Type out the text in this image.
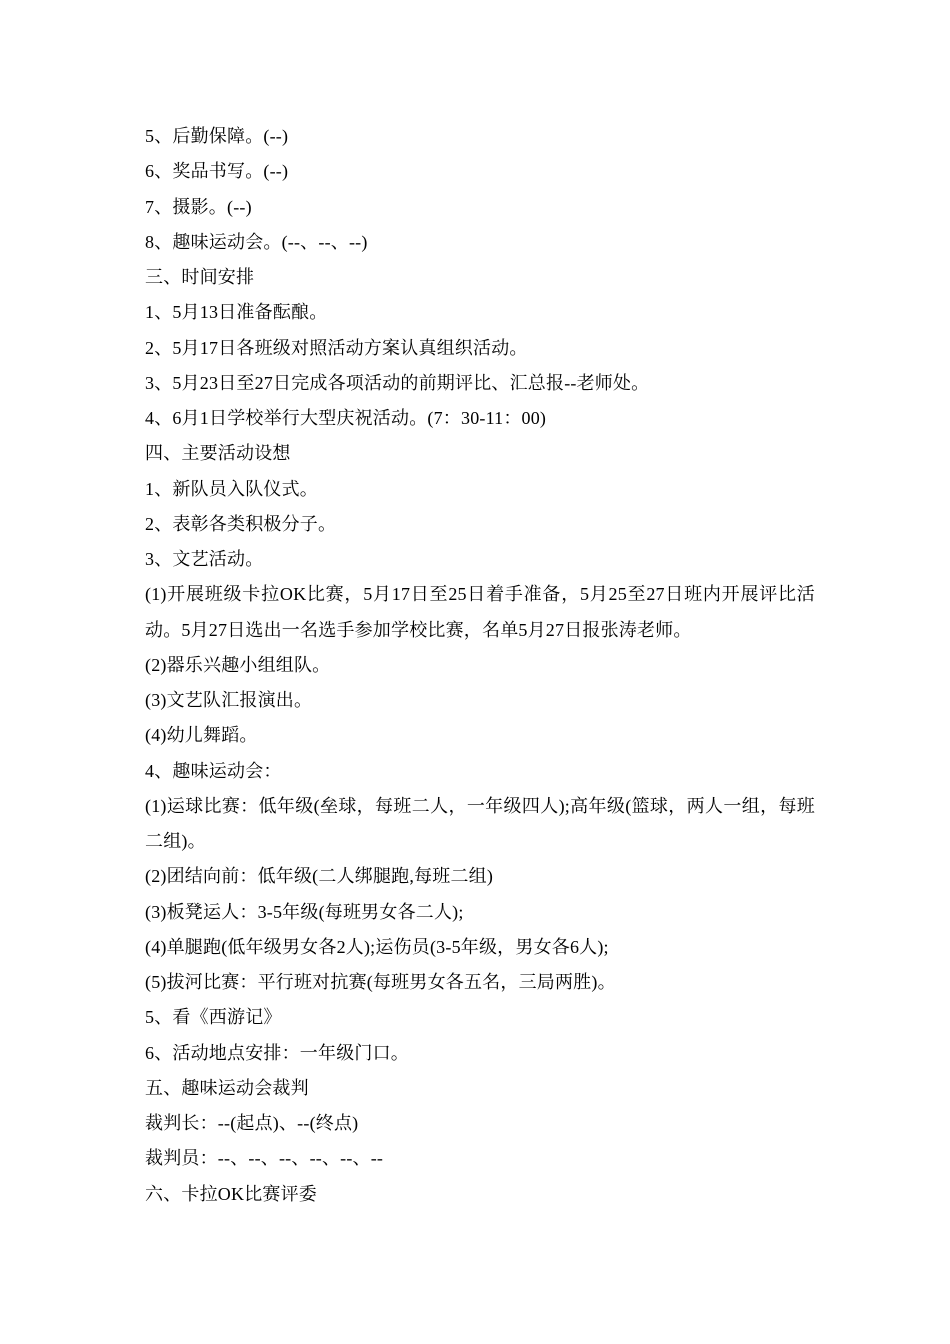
5、后勤保障。(--)
6、奖品书写。(--)
7、摄影。(--)
8、趣味运动会。(--、--、--)
三、时间安排
1、5月13日准备酝酿。
2、5月17日各班级对照活动方案认真组织活动。
3、5月23日至27日完成各项活动的前期评比、汇总报--老师处。
4、6月1日学校举行大型庆祝活动。(7：30-11：00)
四、主要活动设想
1、新队员入队仪式。
2、表彰各类积极分子。
3、文艺活动。
(1)开展班级卡拉OK比赛，5月17日至25日着手准备，5月25至27日班内开展评比活动。5月27日选出一名选手参加学校比赛，名单5月27日报张涛老师。
(2)器乐兴趣小组组队。
(3)文艺队汇报演出。
(4)幼儿舞蹈。
4、趣味运动会：
(1)运球比赛：低年级(垒球，每班二人，一年级四人);高年级(篮球，两人一组，每班二组)。
(2)团结向前：低年级(二人绑腿跑,每班二组)
(3)板凳运人：3-5年级(每班男女各二人);
(4)单腿跑(低年级男女各2人);运伤员(3-5年级，男女各6人);
(5)拔河比赛：平行班对抗赛(每班男女各五名，三局两胜)。
5、看《西游记》
6、活动地点安排：一年级门口。
五、趣味运动会裁判
裁判长：--(起点)、--(终点)
裁判员：--、--、--、--、--、--
六、卡拉OK比赛评委
